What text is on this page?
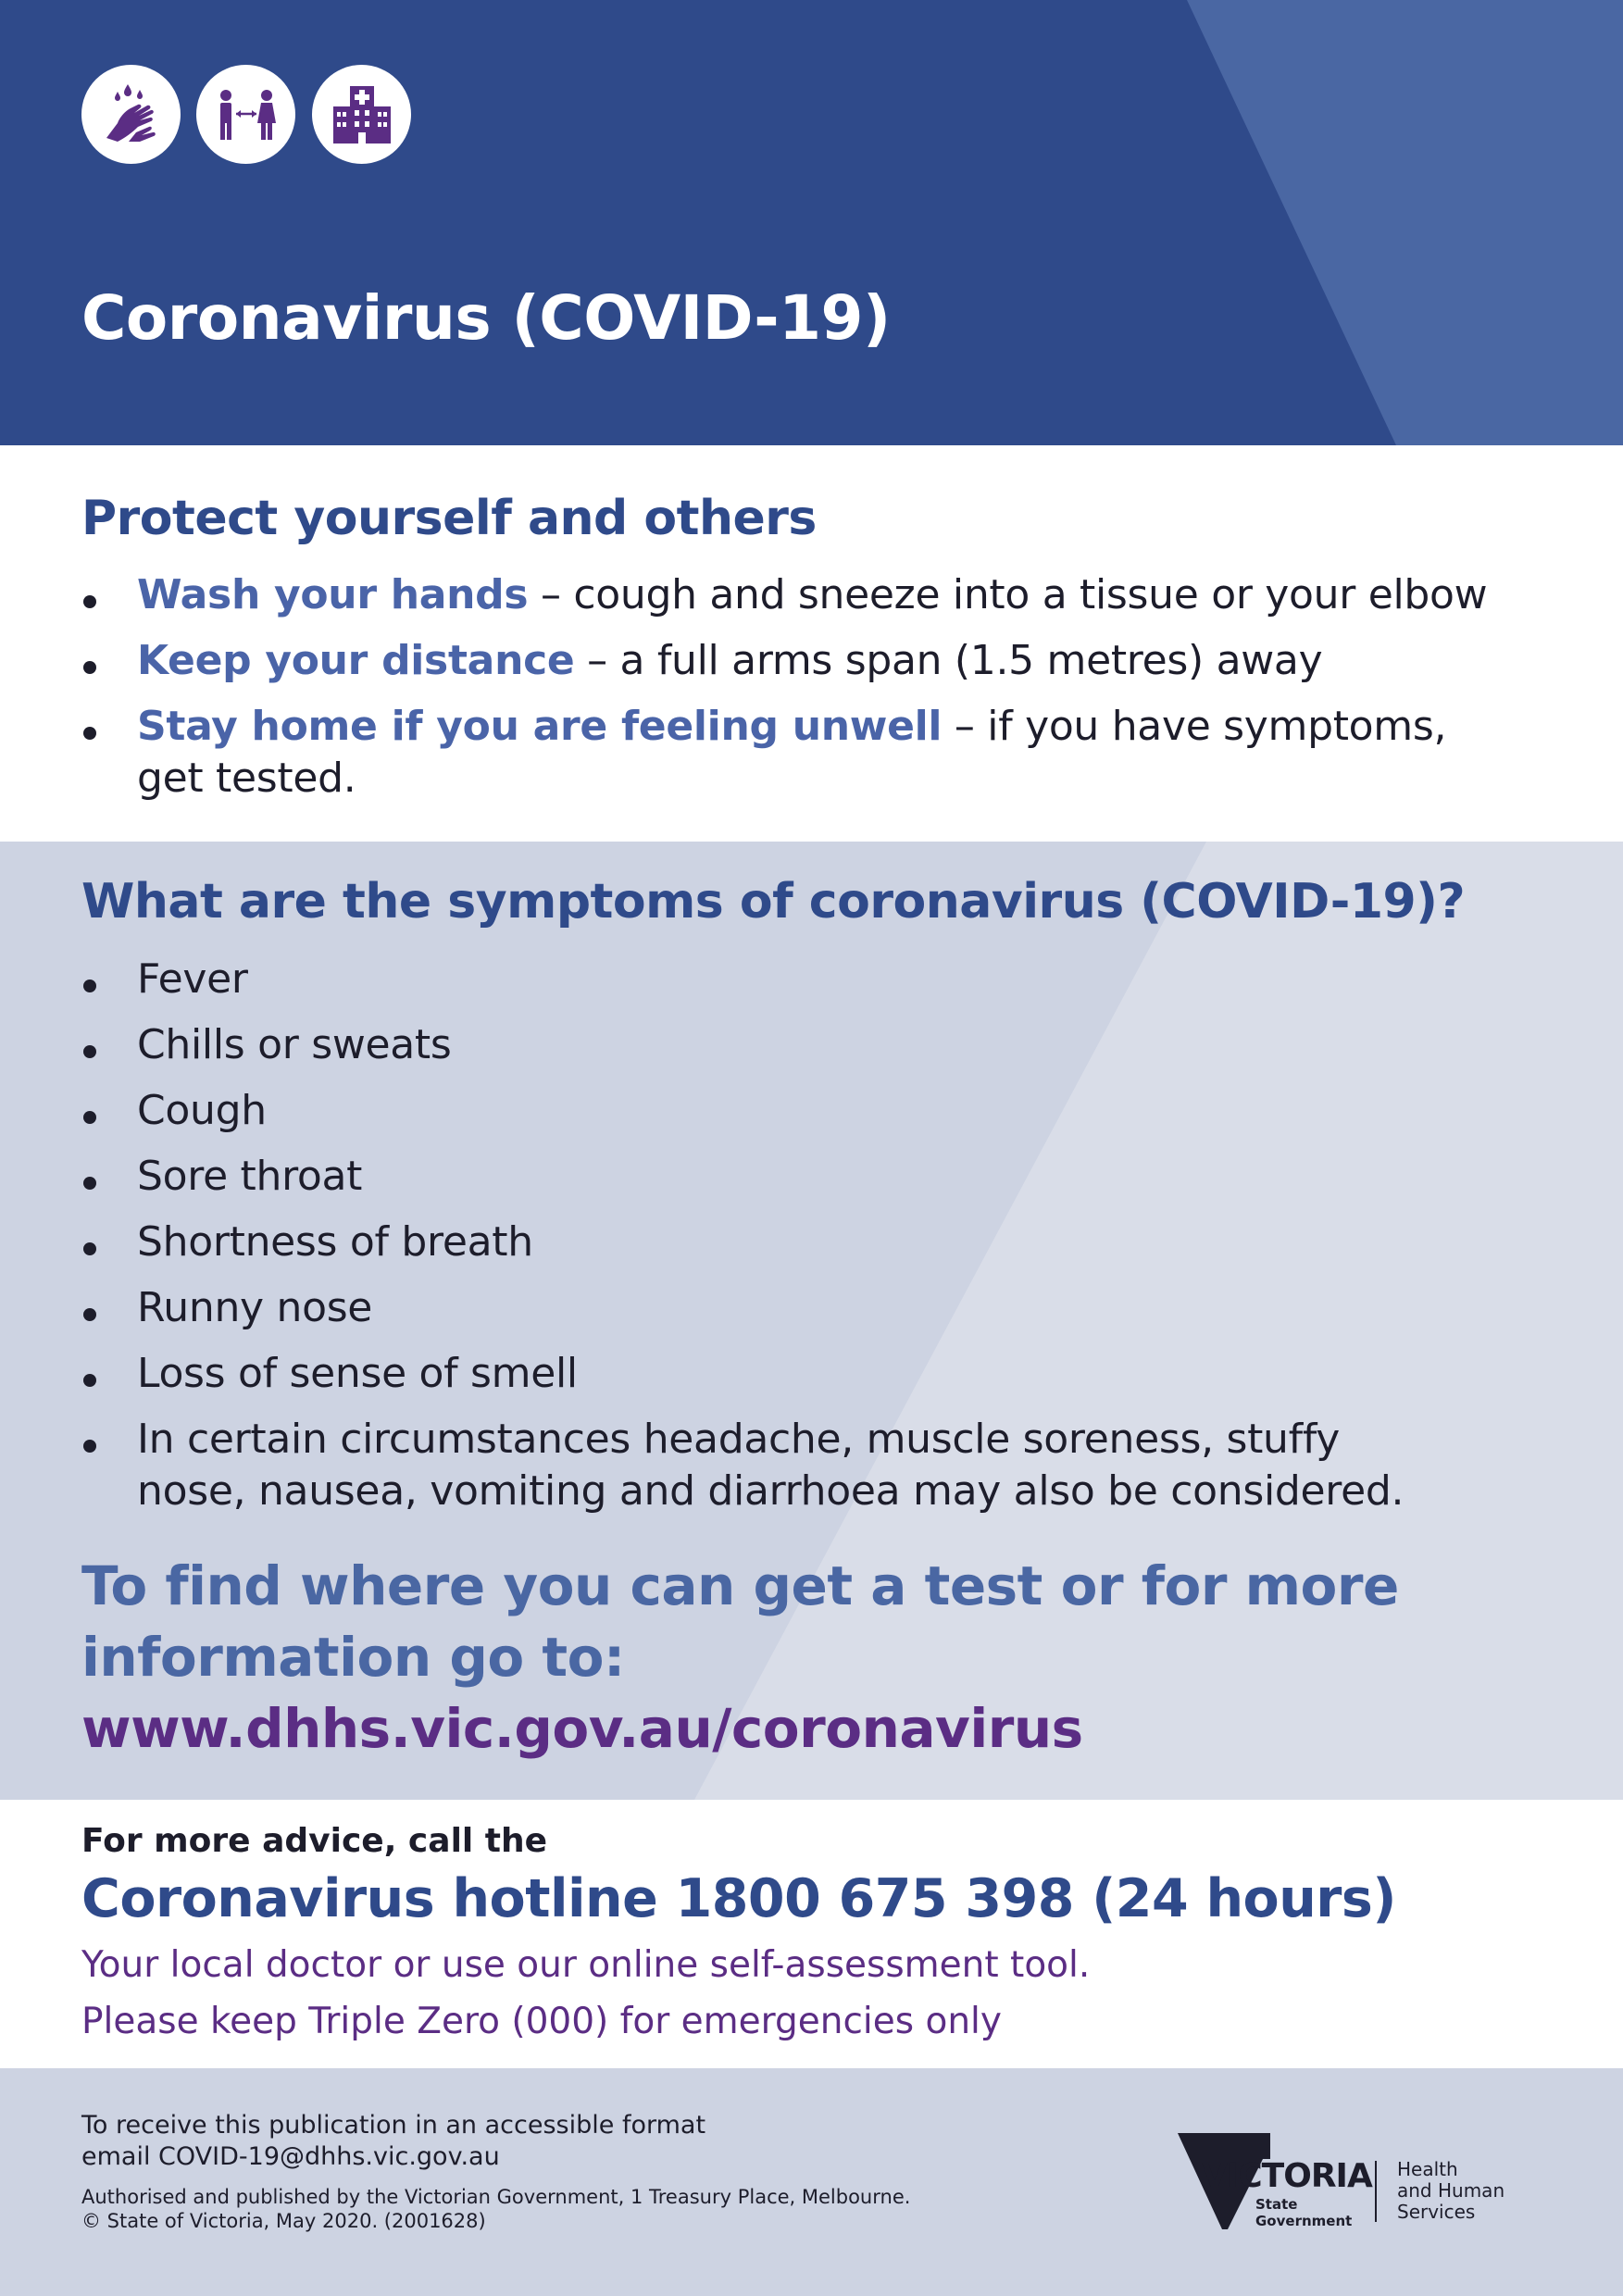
Coronavirus (COVID-19)
Protect yourself and others
Wash your hands – cough and sneeze into a tissue or your elbow
Keep your distance – a full arms span (1.5 metres) away
Stay home if you are feeling unwell – if you have symptoms,
get tested.
What are the symptoms of coronavirus (COVID-19)?
Fever
Chills or sweats
Cough
Sore throat
Shortness of breath
Runny nose
Loss of sense of smell
In certain circumstances headache, muscle soreness, stuffy
nose, nausea, vomiting and diarrhoea may also be considered.
To find where you can get a test or for more
information go to:
www.dhhs.vic.gov.au/coronavirus
For more advice, call the
Coronavirus hotline 1800 675 398 (24 hours)
Your local doctor or use our online self-assessment tool.
Please keep Triple Zero (000) for emergencies only
To receive this publication in an accessible format
email COVID-19@dhhs.vic.gov.au
Authorised and published by the Victorian Government, 1 Treasury Place, Melbourne.
© State of Victoria, May 2020. (2001628)
VICTORIA
State
Government
Health
and Human
Services
